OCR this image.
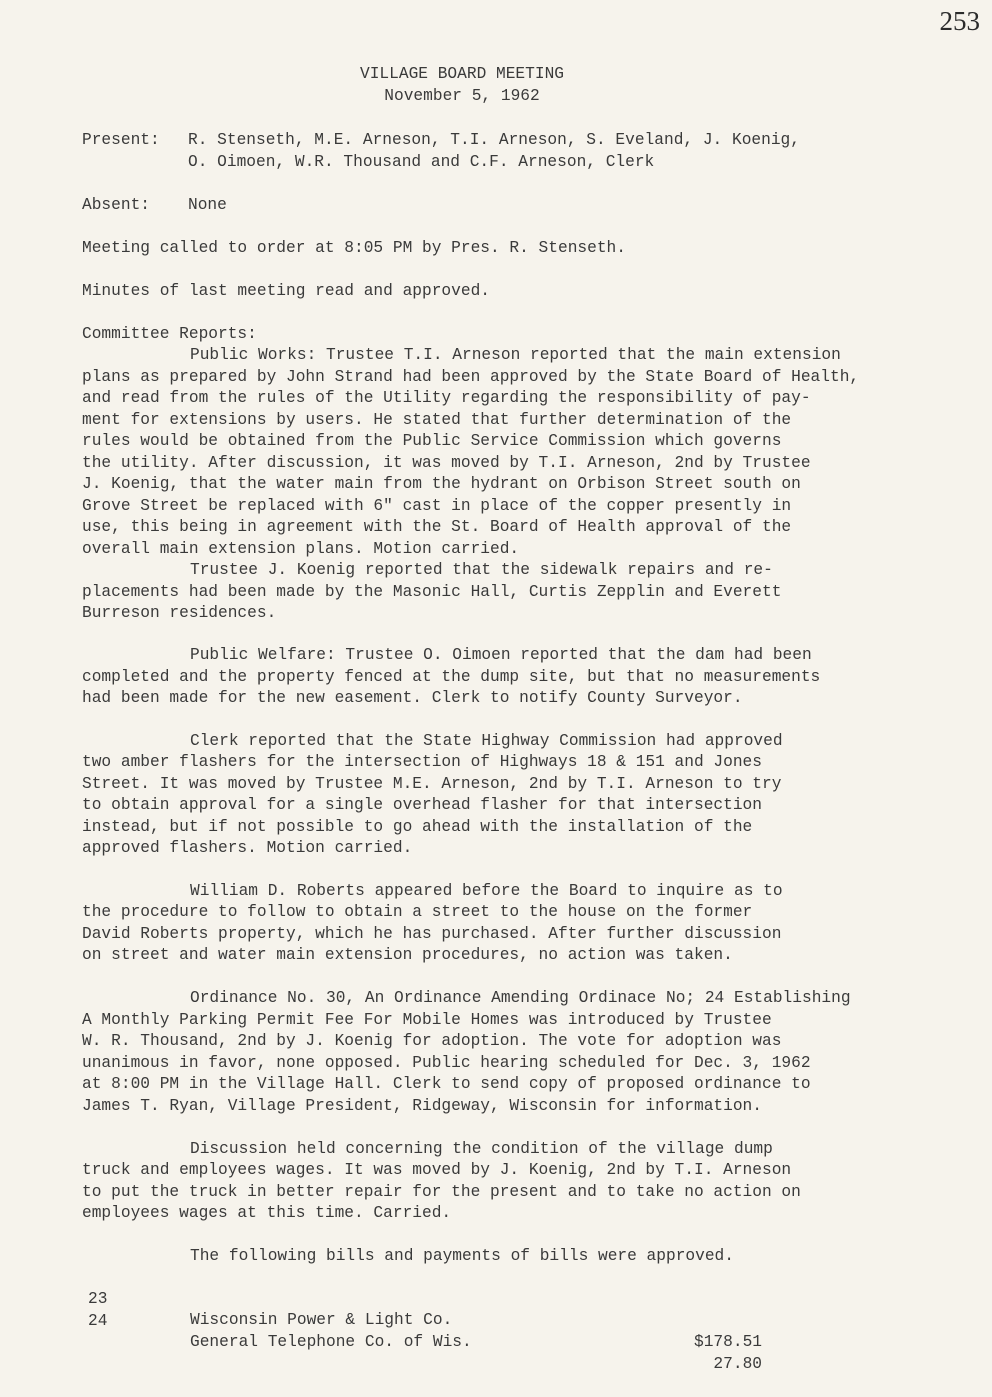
253
VILLAGE BOARD MEETING
November 5, 1962
Present: R. Stenseth, M.E. Arneson, T.I. Arneson, S. Eveland, J. Koenig,
O. Oimoen, W.R. Thousand and C.F. Arneson, Clerk
Absent: None
Meeting called to order at 8:05 PM by Pres. R. Stenseth.
Minutes of last meeting read and approved.
Committee Reports:
Public Works: Trustee T.I. Arneson reported that the main extension
plans as prepared by John Strand had been approved by the State Board of Health,
and read from the rules of the Utility regarding the responsibility of pay-
ment for extensions by users. He stated that further determination of the
rules would be obtained from the Public Service Commission which governs
the utility. After discussion, it was moved by T.I. Arneson, 2nd by Trustee
J. Koenig, that the water main from the hydrant on Orbison Street south on
Grove Street be replaced with 6" cast in place of the copper presently in
use, this being in agreement with the St. Board of Health approval of the
overall main extension plans. Motion carried.
Trustee J. Koenig reported that the sidewalk repairs and re-
placements had been made by the Masonic Hall, Curtis Zepplin and Everett
Burreson residences.
Public Welfare: Trustee O. Oimoen reported that the dam had been
completed and the property fenced at the dump site, but that no measurements
had been made for the new easement. Clerk to notify County Surveyor.
Clerk reported that the State Highway Commission had approved
two amber flashers for the intersection of Highways 18 & 151 and Jones
Street. It was moved by Trustee M.E. Arneson, 2nd by T.I. Arneson to try
to obtain approval for a single overhead flasher for that intersection
instead, but if not possible to go ahead with the installation of the
approved flashers. Motion carried.
William D. Roberts appeared before the Board to inquire as to
the procedure to follow to obtain a street to the house on the former
David Roberts property, which he has purchased. After further discussion
on street and water main extension procedures, no action was taken.
Ordinance No. 30, An Ordinance Amending Ordinace No; 24 Establishing
A Monthly Parking Permit Fee For Mobile Homes was introduced by Trustee
W. R. Thousand, 2nd by J. Koenig for adoption. The vote for adoption was
unanimous in favor, none opposed. Public hearing scheduled for Dec. 3, 1962
at 8:00 PM in the Village Hall. Clerk to send copy of proposed ordinance to
James T. Ryan, Village President, Ridgeway, Wisconsin for information.
Discussion held concerning the condition of the village dump
truck and employees wages. It was moved by J. Koenig, 2nd by T.I. Arneson
to put the truck in better repair for the present and to take no action on
employees wages at this time. Carried.
The following bills and payments of bills were approved.

23

Wisconsin Power & Light Co.

$178.51

24

General Telephone Co. of Wis.

27.80
